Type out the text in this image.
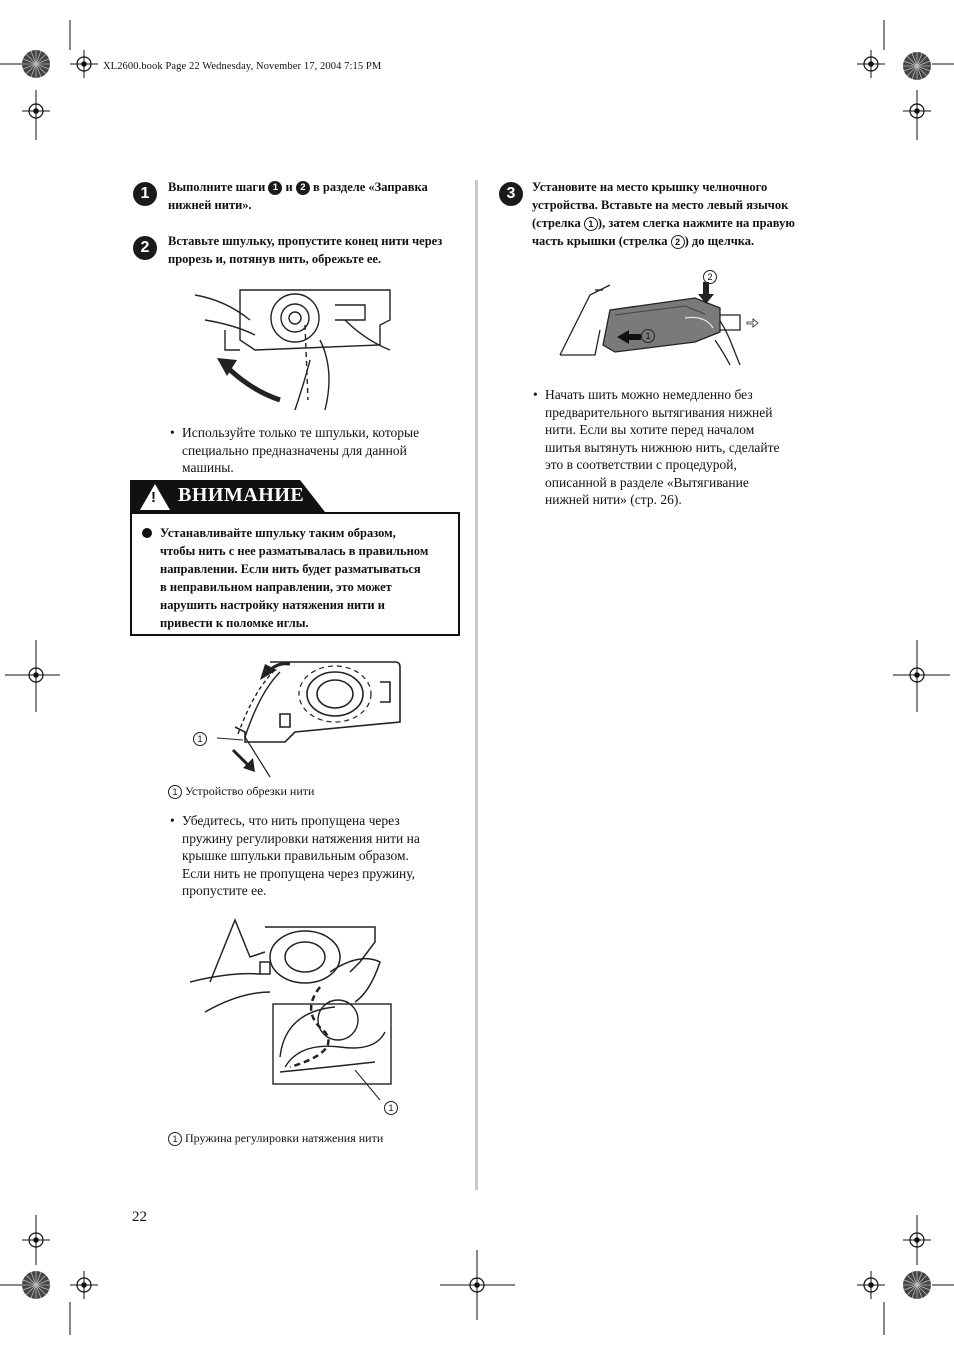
XL2600.book Page 22 Wednesday, November 17, 2004 7:15 PM
1	Выполните шаги 1 и 2 в разделе «Заправка
нижней нити».
2	Вставьте шпульку, пропустите конец нити через
прорезь и, потянув нить, обрежьте ее.
• Используйте только те шпульки, которые
специально предназначены для данной
машины.
! ВНИМАНИЕ
Устанавливайте шпульку таким образом,
чтобы нить с нее разматывалась в правильном
направлении. Если нить будет разматываться
в неправильном направлении, это может
нарушить настройку натяжения нити и
привести к поломке иглы.
1
1 Устройство обрезки нити
• Убедитесь, что нить пропущена через
пружину регулировки натяжения нити на
крышке шпульки правильным образом.
Если нить не пропущена через пружину,
пропустите ее.
1
1 Пружина регулировки натяжения нити
22
3	Установите на место крышку челночного
устройства. Вставьте на место левый язычок
(стрелка 1 ), затем слегка нажмите на правую
часть крышки (стрелка 2 ) до щелчка.
2
1
• Начать шить можно немедленно без
предварительного вытягивания нижней
нити. Если вы хотите перед началом
шитья вытянуть нижнюю нить, сделайте
это в соответствии с процедурой,
описанной в разделе «Вытягивание
нижней нити» (стр. 26).
